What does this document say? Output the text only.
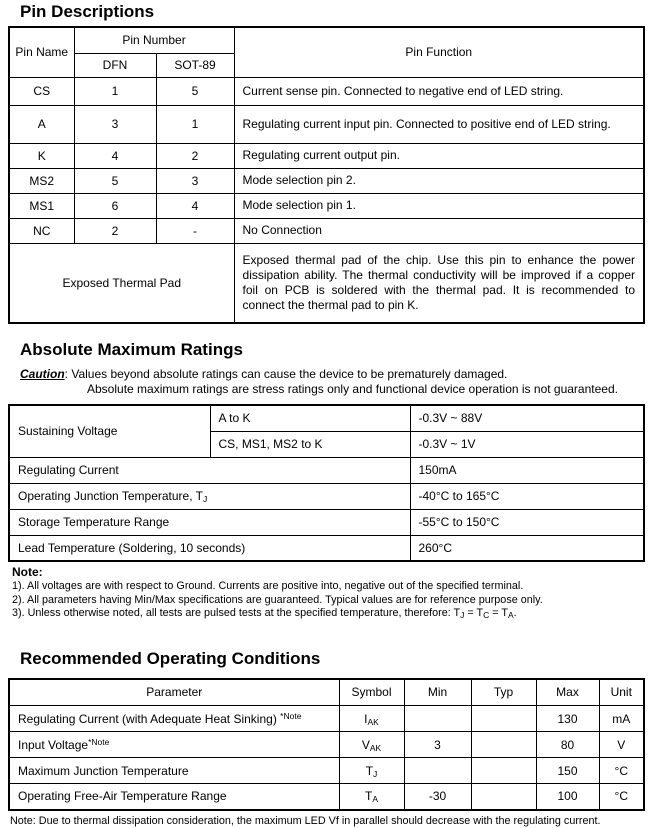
Pin Descriptions
Pin Name	Pin Number		Pin Function
	DFN	SOT-89	
CS	1	5	Current sense pin. Connected to negative end of LED string.
A	3	1	Regulating current input pin. Connected to positive end of LED string.
K	4	2	Regulating current output pin.
MS2	5	3	Mode selection pin 2.
MS1	6	4	Mode selection pin 1.
NC	2	-	No Connection
Exposed Thermal Pad			Exposed thermal pad of the chip. Use this pin to enhance the power dissipation ability. The thermal conductivity will be improved if a copper foil on PCB is soldered with the thermal pad. It is recommended to connect the thermal pad to pin K.
Absolute Maximum Ratings
Caution: Values beyond absolute ratings can cause the device to be prematurely damaged.
Absolute maximum ratings are stress ratings only and functional device operation is not guaranteed.
Sustaining Voltage	A to K	-0.3V ~ 88V
	CS, MS1, MS2 to K	-0.3V ~ 1V
Regulating Current		150mA
Operating Junction Temperature, $T_J$		-40°C to 165°C
Storage Temperature Range		-55°C to 150°C
Lead Temperature (Soldering, 10 seconds)		260°C
Note:
1). All voltages are with respect to Ground. Currents are positive into, negative out of the specified terminal.
2). All parameters having Min/Max specifications are guaranteed. Typical values are for reference purpose only.
3). Unless otherwise noted, all tests are pulsed tests at the specified temperature, therefore: $T_J = T_C = T_A$.
Recommended Operating Conditions
Parameter	Symbol	Min	Typ	Max	Unit
Regulating Current (with Adequate Heat Sinking) $^{*Note}$	$I_{AK}$			130	mA
Input Voltage$^{*Note}$	$V_{AK}$	3		80	V
Maximum Junction Temperature	$T_J$			150	°C
Operating Free-Air Temperature Range	$T_A$	-30		100	°C
Note: Due to thermal dissipation consideration, the maximum LED Vf in parallel should decrease with the regulating current.
